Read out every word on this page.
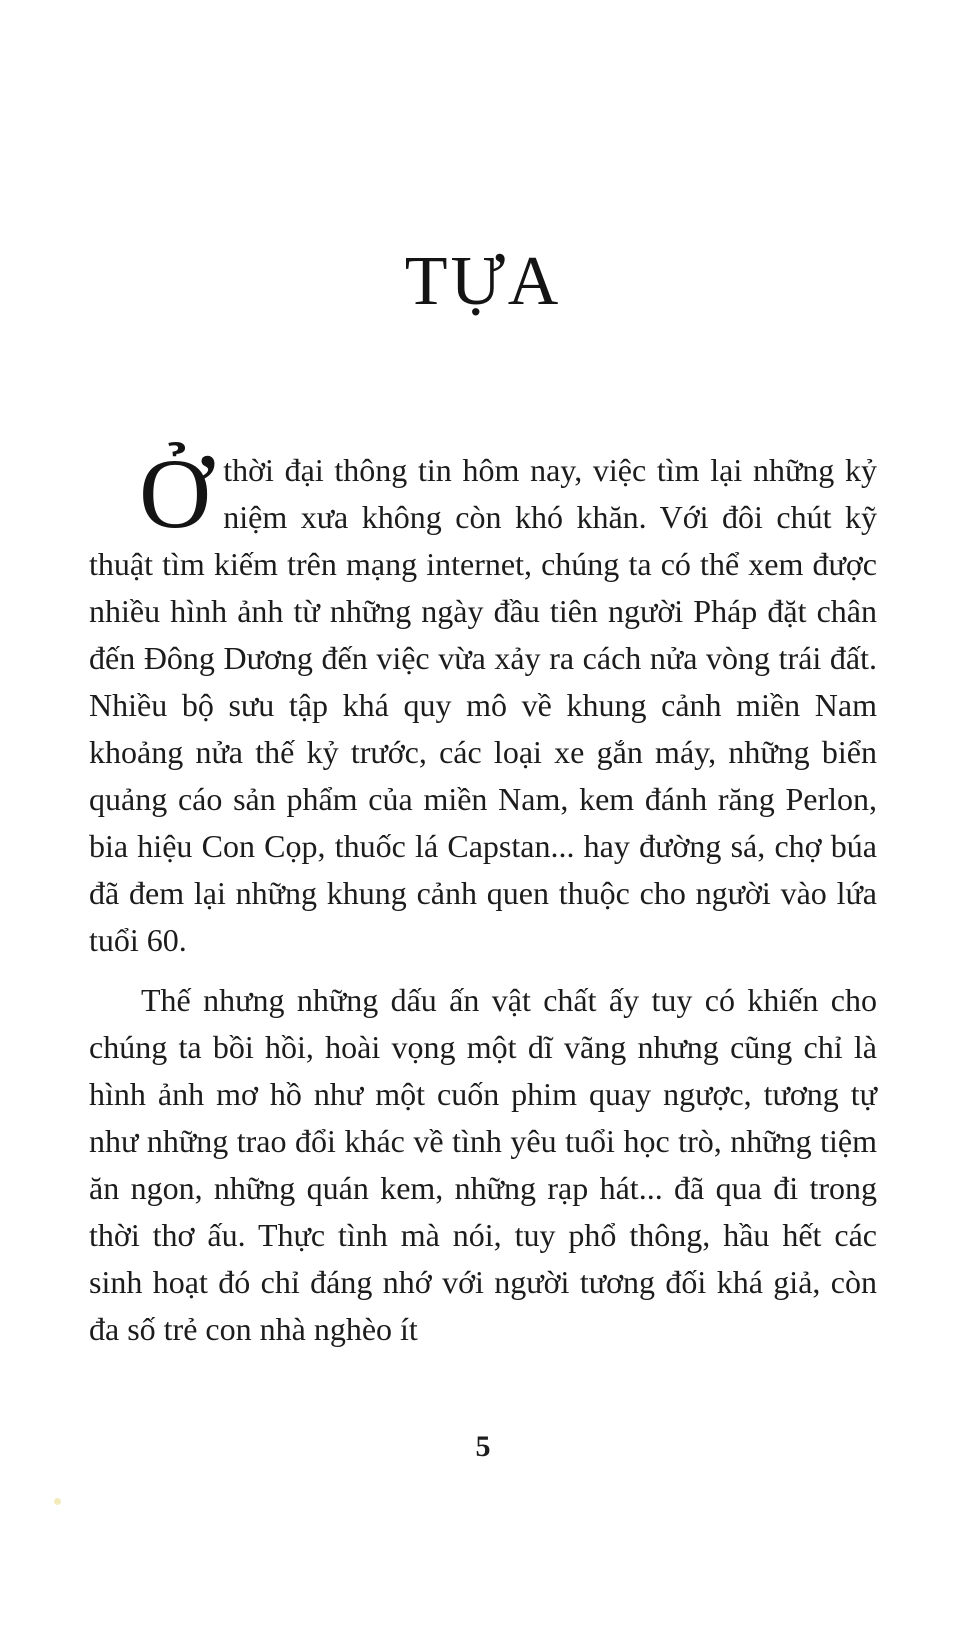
TỰA

Ởthời đại thông tin hôm nay, việc tìm lại những kỷ niệm xưa không còn khó khăn. Với đôi chút kỹ thuật tìm kiếm trên mạng internet, chúng ta có thể xem được nhiều hình ảnh từ những ngày đầu tiên người Pháp đặt chân đến Đông Dương đến việc vừa xảy ra cách nửa vòng trái đất. Nhiều bộ sưu tập khá quy mô về khung cảnh miền Nam khoảng nửa thế kỷ trước, các loại xe gắn máy, những biển quảng cáo sản phẩm của miền Nam, kem đánh răng Perlon, bia hiệu Con Cọp, thuốc lá Capstan... hay đường sá, chợ búa đã đem lại những khung cảnh quen thuộc cho người vào lứa tuổi 60.

Thế nhưng những dấu ấn vật chất ấy tuy có khiến cho chúng ta bồi hồi, hoài vọng một dĩ vãng nhưng cũng chỉ là hình ảnh mơ hồ như một cuốn phim quay ngược, tương tự như những trao đổi khác về tình yêu tuổi học trò, những tiệm ăn ngon, những quán kem, những rạp hát... đã qua đi trong thời thơ ấu. Thực tình mà nói, tuy phổ thông, hầu hết các sinh hoạt đó chỉ đáng nhớ với người tương đối khá giả, còn đa số trẻ con nhà nghèo ít

5
